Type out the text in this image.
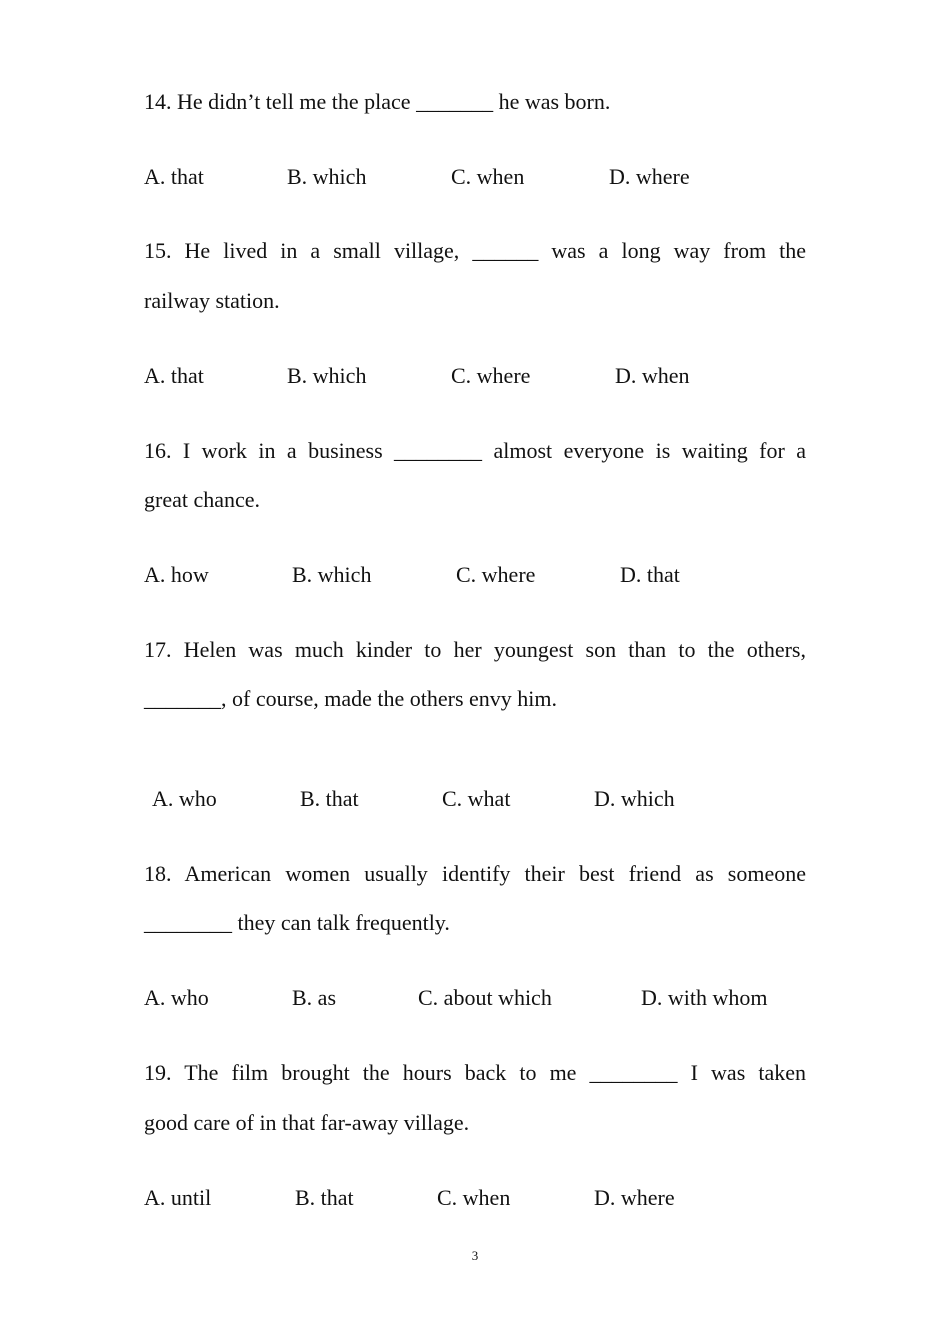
14. He didn’t tell me the place _______ he was born.
A. that	B. which	C. when	D. where
15. He lived in a small village, ______ was a long way from the
railway station.
A. that	B. which	C. where	D. when
16. I work in a business ________ almost everyone is waiting for a
great chance.
A. how	B. which	C. where	D. that
17. Helen was much kinder to her youngest son than to the others,
_______, of course, made the others envy him.
A. who	B. that	C. what	D. which
18. American women usually identify their best friend as someone
________ they can talk frequently.
A. who	B. as	C. about which	D. with whom
19. The film brought the hours back to me ________ I was taken
good care of in that far-away village.
A. until	B. that	C. when	D. where
3
